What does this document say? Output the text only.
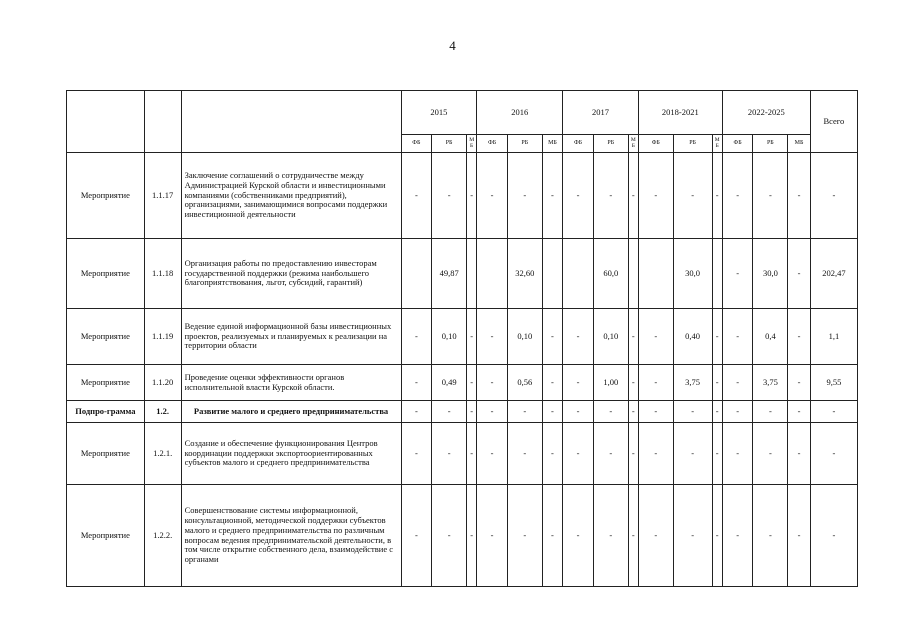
4
			2015			2016			2017			2018-2021			2022-2025			Всего
			ФБ	РБ	М Б	ФБ	РБ	МБ	ФБ	РБ	М Б	ФБ	РБ	М Б	ФБ	РБ	МБ	
Мероприятие	1.1.17	Заключение соглашений о сотрудничестве между Администрацией Курской области и инвестиционными компаниями (собственниками предприятий), организациями, занимающимися вопросами поддержки инвестиционной деятельности	-	-	-	-	-	-	-	-	-	-	-	-	-	-	-	-
Мероприятие	1.1.18	Организация работы по предоставлению инвесторам государственной поддержки (режима наибольшего благоприятствования, льгот, субсидий, гарантий)		49,87			32,60			60,0			30,0		-	30,0	-	202,47
Мероприятие	1.1.19	Ведение единой информационной базы инвестиционных проектов, реализуемых и планируемых к реализации на территории области	-	0,10	-	-	0,10	-	-	0,10	-	-	0,40	-	-	0,4	-	1,1
Мероприятие	1.1.20	Проведение оценки эффективности органов исполнительной власти Курской области.	-	0,49	-	-	0,56	-	-	1,00	-	-	3,75	-	-	3,75	-	9,55
Подпро-грамма	1.2.	Развитие малого и среднего предпринимательства	-	-	-	-	-	-	-	-	-	-	-	-	-	-	-	-
Мероприятие	1.2.1.	Создание и обеспечение функционирования Центров координации поддержки экспортоориентированных субъектов малого и среднего предпринимательства	-	-	-	-	-	-	-	-	-	-	-	-	-	-	-	-
Мероприятие	1.2.2.	Совершенствование системы информационной, консультационной, методической поддержки субъектов малого и среднего предпринимательства по различным вопросам ведения предпринимательской деятельности, в том числе открытие собственного дела, взаимодействие с органами	-	-	-	-	-	-	-	-	-	-	-	-	-	-	-	-
